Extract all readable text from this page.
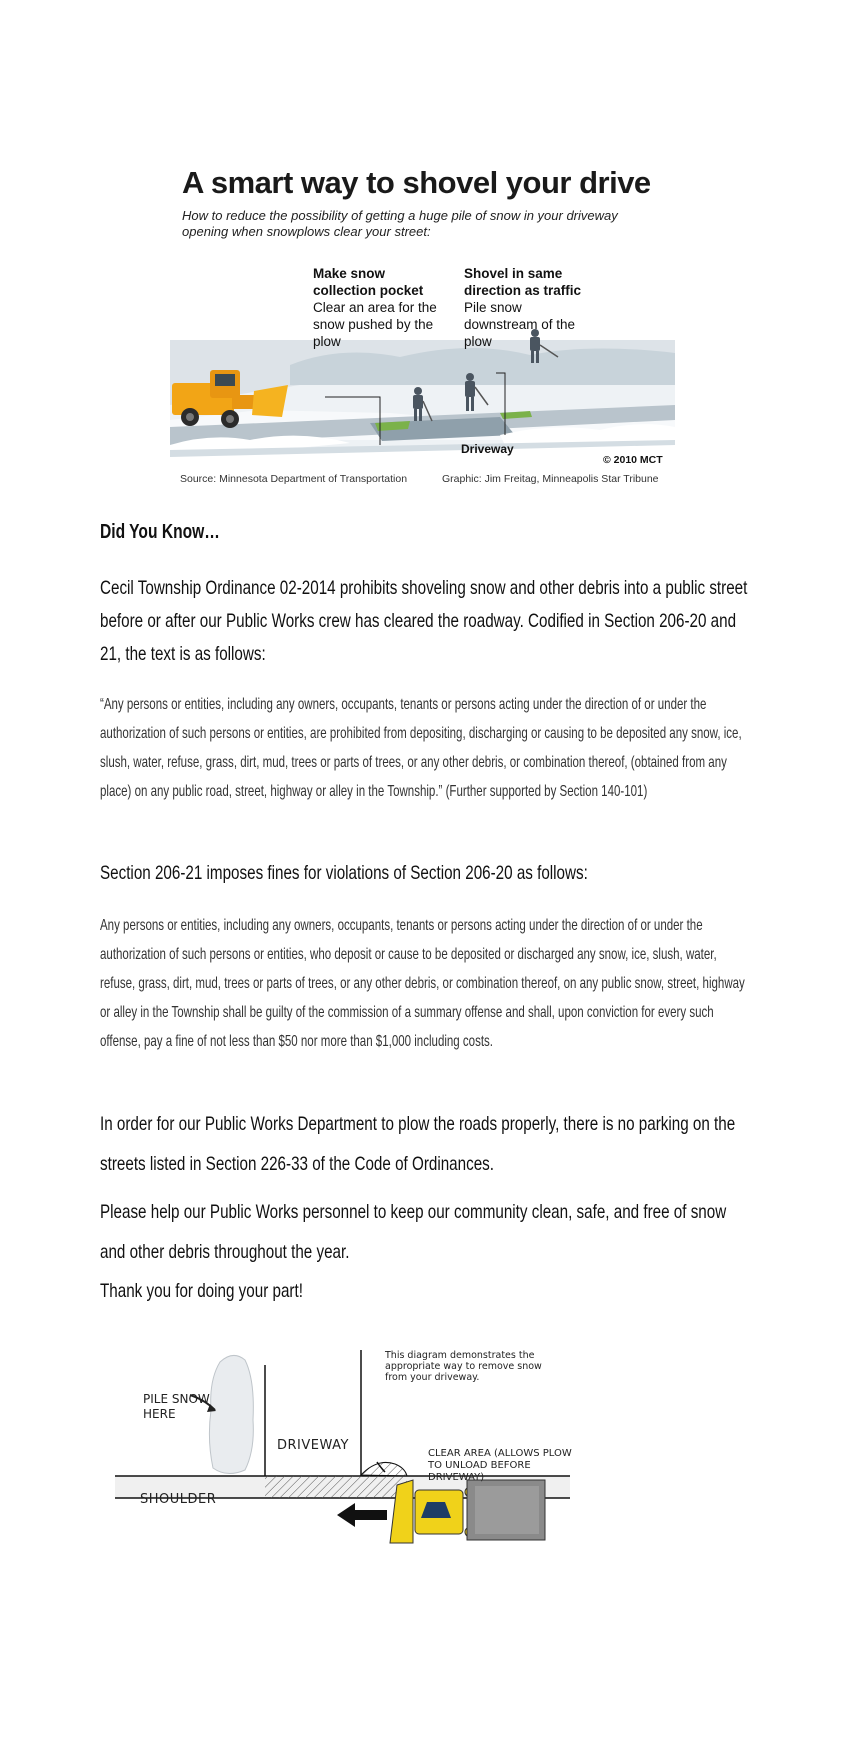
A smart way to shovel your drive
How to reduce the possibility of getting a huge pile of snow in your driveway opening when snowplows clear your street:
Make snow collection pocket
Clear an area for the snow pushed by the plow
Shovel in same direction as traffic Pile snow downstream of the plow
Driveway
© 2010 MCT
Source: Minnesota Department of Transportation	Graphic: Jim Freitag, Minneapolis Star Tribune
Did You Know…
Cecil Township Ordinance 02-2014 prohibits shoveling snow and other debris into a public street before or after our Public Works crew has cleared the roadway. Codified in Section 206-20 and 21, the text is as follows:
“Any persons or entities, including any owners, occupants, tenants or persons acting under the direction of or under the authorization of such persons or entities, are prohibited from depositing, discharging or causing to be deposited any snow, ice, slush, water, refuse, grass, dirt, mud, trees or parts of trees, or any other debris, or combination thereof, (obtained from any place) on any public road, street, highway or alley in the Township.” (Further supported by Section 140-101)
Section 206-21 imposes fines for violations of Section 206-20 as follows:
Any persons or entities, including any owners, occupants, tenants or persons acting under the direction of or under the authorization of such persons or entities, who deposit or cause to be deposited or discharged any snow, ice, slush, water, refuse, grass, dirt, mud, trees or parts of trees, or any other debris, or combination thereof, on any public snow, street, highway or alley in the Township shall be guilty of the commission of a summary offense and shall, upon conviction for every such offense, pay a fine of not less than $50 nor more than $1,000 including costs.
In order for our Public Works Department to plow the roads properly, there is no parking on the streets listed in Section 226-33 of the Code of Ordinances.
Please help our Public Works personnel to keep our community clean, safe, and free of snow and other debris throughout the year.
Thank you for doing your part!
This diagram demonstrates the appropriate way to remove snow from your driveway.
PILE SNOW HERE
DRIVEWAY
CLEAR AREA (ALLOWS PLOW TO UNLOAD BEFORE DRIVEWAY)
SHOULDER
